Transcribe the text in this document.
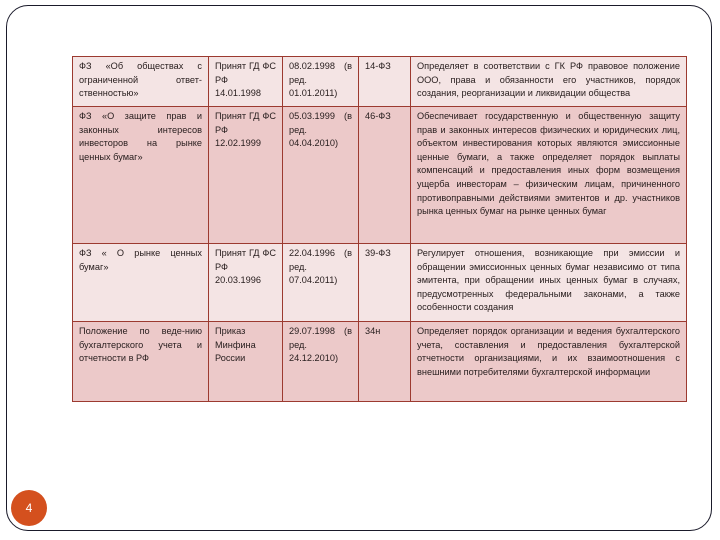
ФЗ «Об обществах с ограниченной ответ-ственностью»	Принят ГД ФС РФ 14.01.1998	08.02.1998 (в ред. 01.01.2011)	14-ФЗ	Определяет в соответствии с ГК РФ правовое положение ООО, права и обязанности его участников, порядок создания, реорганизации и ликвидации общества
ФЗ «О защите прав и законных интересов инвесторов на рынке ценных бумаг»	Принят ГД ФС РФ 12.02.1999	05.03.1999 (в ред. 04.04.2010)	46-ФЗ	Обеспечивает государственную и общественную защиту прав и законных интересов физических и юридических лиц, объектом инвестирования которых являются эмиссионные ценные бумаги, а также определяет порядок выплаты компенсаций и предоставления иных форм возмещения ущерба инвесторам – физическим лицам, причиненного противоправными действиями эмитентов и др. участников рынка ценных бумаг на рынке ценных бумаг
ФЗ « О рынке ценных бумаг»	Принят ГД ФС РФ 20.03.1996	22.04.1996 (в ред. 07.04.2011)	39-ФЗ	Регулирует отношения, возникающие при эмиссии и обращении эмиссионных ценных бумаг независимо от типа эмитента, при обращении иных ценных бумаг в случаях, предусмотренных федеральными законами, а также особенности создания
Положение по веде-нию бухгалтерского учета и отчетности в РФ	Приказ Минфина России	29.07.1998 (в ред. 24.12.2010)	34н	Определяет порядок организации и ведения бухгалтерского учета, составления и предоставления бухгалтерской отчетности организациями, и их взаимоотношения с внешними потребителями бухгалтерской информации
4
